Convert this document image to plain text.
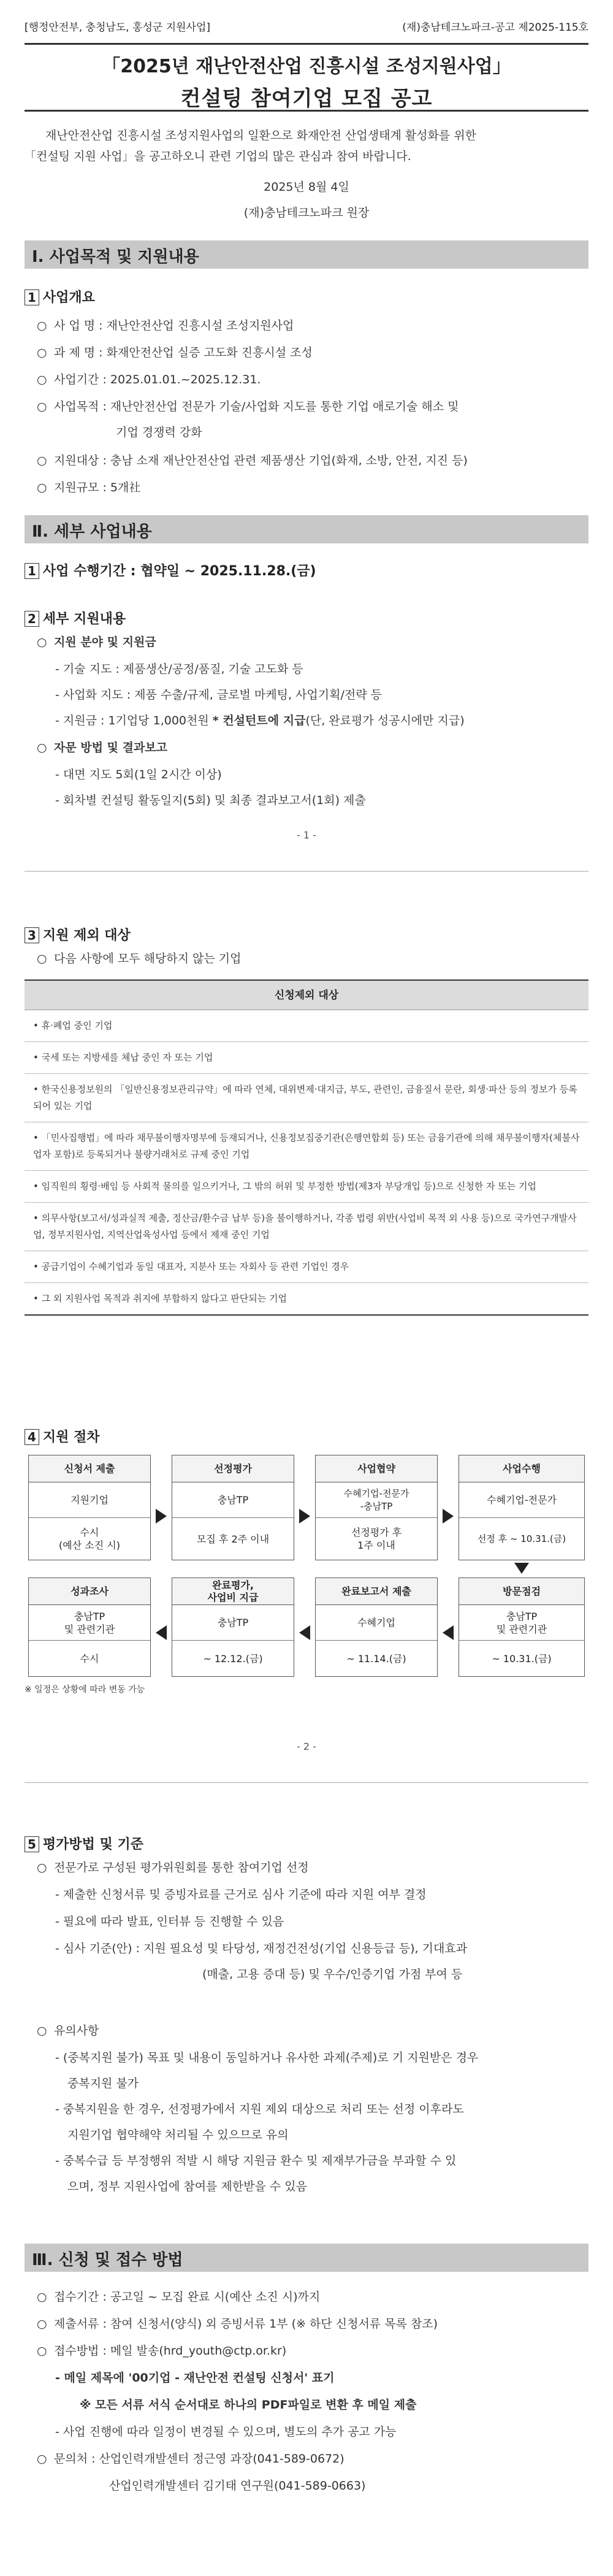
[행정안전부, 충청남도, 홍성군 지원사업]	(재)충남테크노파크-공고 제2025-115호
「2025년 재난안전산업 진흥시설 조성지원사업」
컨설팅 참여기업 모집 공고
재난안전산업 진흥시설 조성지원사업의 일환으로 화재안전 산업생태계 활성화를 위한
「컨설팅 지원 사업」을 공고하오니 관련 기업의 많은 관심과 참여 바랍니다.
2025년 8월 4일
(재)충남테크노파크 원장
Ⅰ. 사업목적 및 지원내용
1 사업개요
○ 사 업 명 : 재난안전산업 진흥시설 조성지원사업
○ 과 제 명 : 화재안전산업 실증 고도화 진흥시설 조성
○ 사업기간 : 2025.01.01.~2025.12.31.
○ 사업목적 : 재난안전산업 전문가 기술/사업화 지도를 통한 기업 애로기술 해소 및
기업 경쟁력 강화
○ 지원대상 : 충남 소재 재난안전산업 관련 제품생산 기업(화재, 소방, 안전, 지진 등)
○ 지원규모 : 5개社
Ⅱ. 세부 사업내용
1 사업 수행기간 : 협약일 ~ 2025.11.28.(금)
2 세부 지원내용
○ 지원 분야 및 지원금
- 기술 지도 : 제품생산/공정/품질, 기술 고도화 등
- 사업화 지도 : 제품 수출/규제, 글로벌 마케팅, 사업기획/전략 등
- 지원금 : 1기업당 1,000천원 * 컨설턴트에 지급(단, 완료평가 성공시에만 지급)
○ 자문 방법 및 결과보고
- 대면 지도 5회(1일 2시간 이상)
- 회차별 컨설팅 활동일지(5회) 및 최종 결과보고서(1회) 제출
- 1 -
3 지원 제외 대상
○ 다음 사항에 모두 해당하지 않는 기업
신청제외 대상
• 휴·폐업 중인 기업
• 국세 또는 지방세를 체납 중인 자 또는 기업
• 한국신용정보원의 「일반신용정보관리규약」에 따라 연체, 대위변제·대지급, 부도, 관련인, 금융질서 문란, 회생·파산 등의 정보가 등록되어 있는 기업
• 「민사집행법」에 따라 채무불이행자명부에 등재되거나, 신용정보집중기관(은행연합회 등) 또는 금융기관에 의해 채무불이행자(체불사업자 포함)로 등록되거나 불량거래처로 규제 중인 기업
• 임직원의 횡령·배임 등 사회적 물의를 일으키거나, 그 밖의 허위 및 부정한 방법(제3자 부당개입 등)으로 신청한 자 또는 기업
• 의무사항(보고서/성과실적 제출, 정산금/환수금 납부 등)을 불이행하거나, 각종 법령 위반(사업비 목적 외 사용 등)으로 국가연구개발사업, 정부지원사업, 지역산업육성사업 등에서 제재 중인 기업
• 공급기업이 수혜기업과 동일 대표자, 지분사 또는 자회사 등 관련 기업인 경우
• 그 외 지원사업 목적과 취지에 부합하지 않다고 판단되는 기업
4 지원 절차
신청서 제출
지원기업
수시
(예산 소진 시)
선정평가
충남TP
모집 후 2주 이내
사업협약
수혜기업-전문가
-충남TP
선정평가 후
1주 이내
사업수행
수혜기업-전문가
선정 후 ~ 10.31.(금)
방문점검
충남TP
및 관련기관
~ 10.31.(금)
완료보고서 제출
수혜기업
~ 11.14.(금)
완료평가,
사업비 지급
충남TP
~ 12.12.(금)
성과조사
충남TP
및 관련기관
수시
※ 일정은 상황에 따라 변동 가능
- 2 -
5 평가방법 및 기준
○ 전문가로 구성된 평가위원회를 통한 참여기업 선정
- 제출한 신청서류 및 증빙자료를 근거로 심사 기준에 따라 지원 여부 결정
- 필요에 따라 발표, 인터뷰 등 진행할 수 있음
- 심사 기준(안) : 지원 필요성 및 타당성, 재정건전성(기업 신용등급 등), 기대효과
(매출, 고용 증대 등) 및 우수/인증기업 가점 부여 등
○ 유의사항
- (중복지원 불가) 목표 및 내용이 동일하거나 유사한 과제(주제)로 기 지원받은 경우
중복지원 불가
- 중복지원을 한 경우, 선정평가에서 지원 제외 대상으로 처리 또는 선정 이후라도
지원기업 협약해약 처리될 수 있으므로 유의
- 중복수급 등 부정행위 적발 시 해당 지원금 환수 및 제재부가금을 부과할 수 있
으며, 정부 지원사업에 참여를 제한받을 수 있음
Ⅲ. 신청 및 접수 방법
○ 접수기간 : 공고일 ~ 모집 완료 시(예산 소진 시)까지
○ 제출서류 : 참여 신청서(양식) 외 증빙서류 1부 (※ 하단 신청서류 목록 참조)
○ 접수방법 : 메일 발송(hrd_youth@ctp.or.kr)
- 메일 제목에 '00기업 - 재난안전 컨설팅 신청서' 표기
※ 모든 서류 서식 순서대로 하나의 PDF파일로 변환 후 메일 제출
- 사업 진행에 따라 일정이 변경될 수 있으며, 별도의 추가 공고 가능
○ 문의처 : 산업인력개발센터 정근영 과장(041-589-0672)
산업인력개발센터 김기태 연구원(041-589-0663)
